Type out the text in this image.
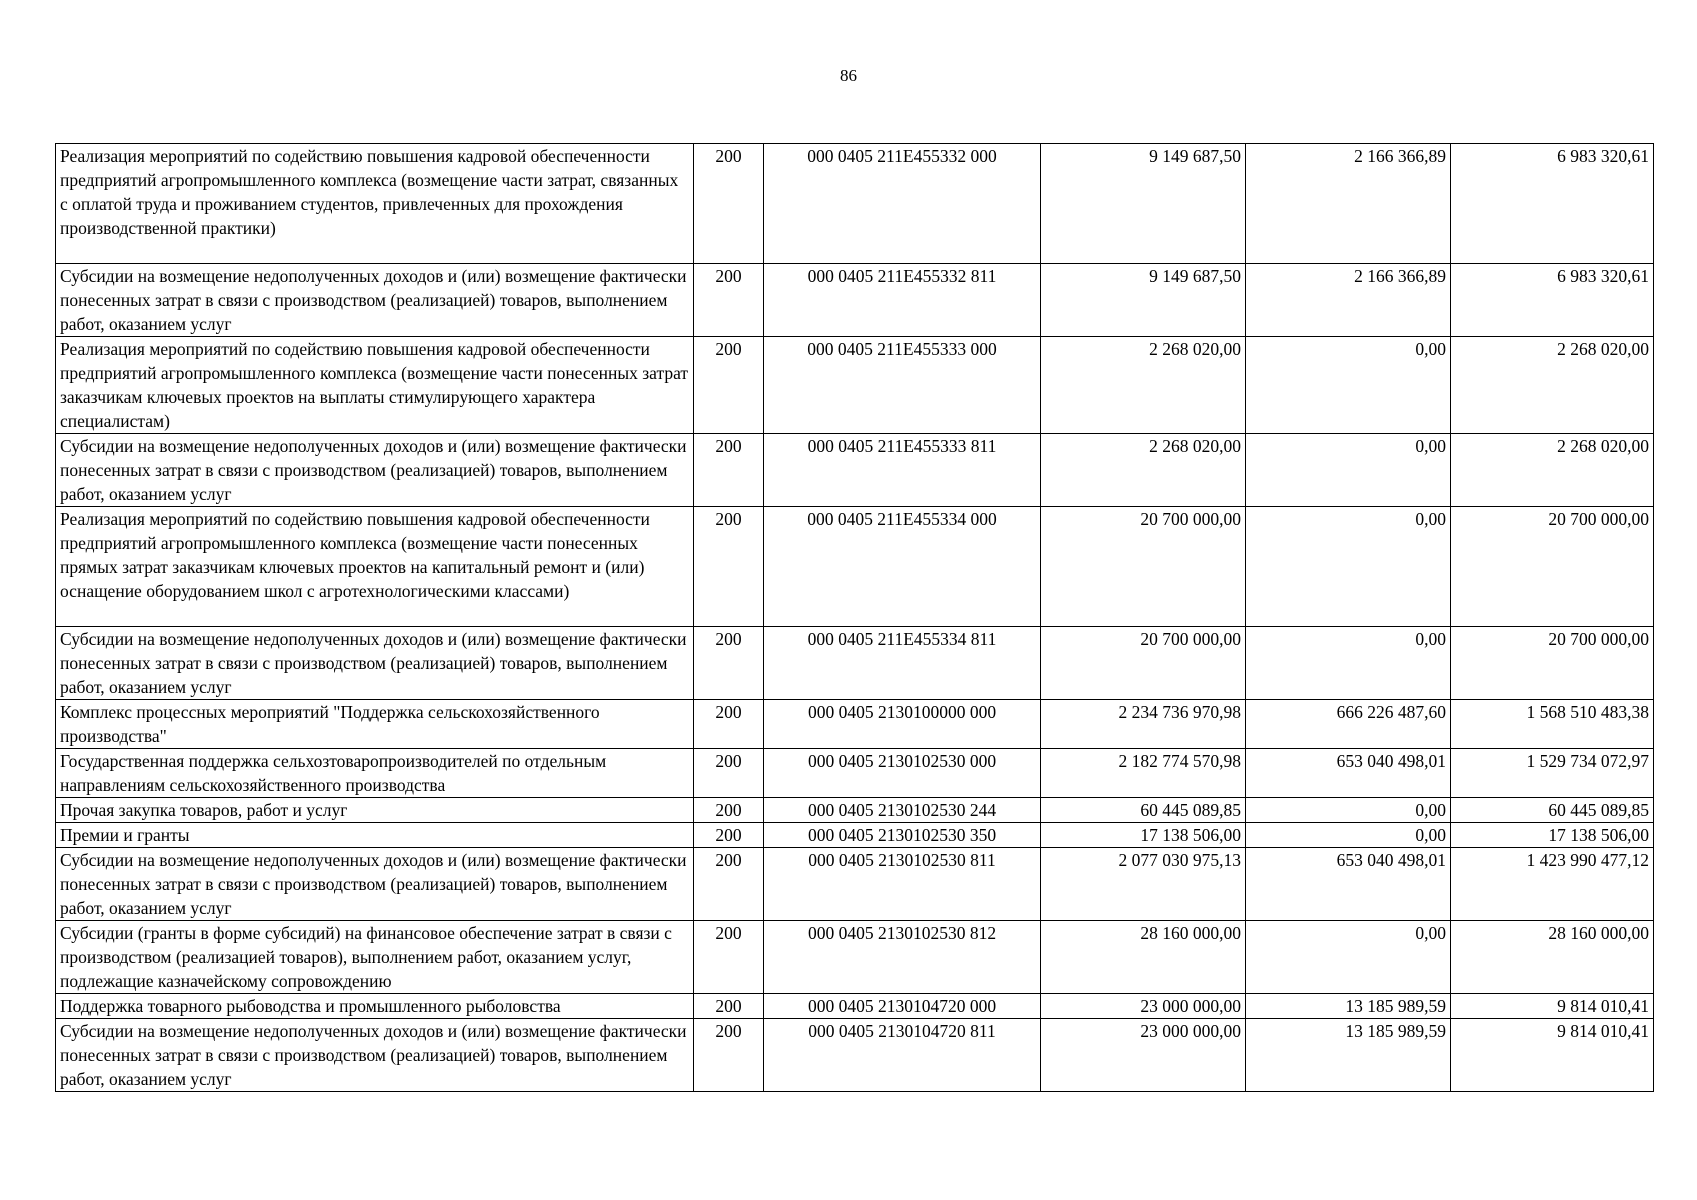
86
Реализация мероприятий по содействию повышения кадровой обеспеченности предприятий агропромышленного комплекса (возмещение части затрат, связанных с оплатой труда и проживанием студентов, привлеченных для прохождения производственной практики)	200	000 0405 211Е455332 000	9 149 687,50	2 166 366,89	6 983 320,61
Субсидии на возмещение недополученных доходов и (или) возмещение фактически понесенных затрат в связи с производством (реализацией) товаров, выполнением работ, оказанием услуг	200	000 0405 211Е455332 811	9 149 687,50	2 166 366,89	6 983 320,61
Реализация мероприятий по содействию повышения кадровой обеспеченности предприятий агропромышленного комплекса (возмещение части понесенных затрат заказчикам ключевых проектов на выплаты стимулирующего характера специалистам)	200	000 0405 211Е455333 000	2 268 020,00	0,00	2 268 020,00
Субсидии на возмещение недополученных доходов и (или) возмещение фактически понесенных затрат в связи с производством (реализацией) товаров, выполнением работ, оказанием услуг	200	000 0405 211Е455333 811	2 268 020,00	0,00	2 268 020,00
Реализация мероприятий по содействию повышения кадровой обеспеченности предприятий агропромышленного комплекса (возмещение части понесенных прямых затрат заказчикам ключевых проектов на капитальный ремонт и (или) оснащение оборудованием школ с агротехнологическими классами)	200	000 0405 211Е455334 000	20 700 000,00	0,00	20 700 000,00
Субсидии на возмещение недополученных доходов и (или) возмещение фактически понесенных затрат в связи с производством (реализацией) товаров, выполнением работ, оказанием услуг	200	000 0405 211Е455334 811	20 700 000,00	0,00	20 700 000,00
Комплекс процессных мероприятий "Поддержка сельскохозяйственного производства"	200	000 0405 2130100000 000	2 234 736 970,98	666 226 487,60	1 568 510 483,38
Государственная поддержка сельхозтоваропроизводителей по отдельным направлениям сельскохозяйственного производства	200	000 0405 2130102530 000	2 182 774 570,98	653 040 498,01	1 529 734 072,97
Прочая закупка товаров, работ и услуг	200	000 0405 2130102530 244	60 445 089,85	0,00	60 445 089,85
Премии и гранты	200	000 0405 2130102530 350	17 138 506,00	0,00	17 138 506,00
Субсидии на возмещение недополученных доходов и (или) возмещение фактически понесенных затрат в связи с производством (реализацией) товаров, выполнением работ, оказанием услуг	200	000 0405 2130102530 811	2 077 030 975,13	653 040 498,01	1 423 990 477,12
Субсидии (гранты в форме субсидий) на финансовое обеспечение затрат в связи с производством (реализацией товаров), выполнением работ, оказанием услуг, подлежащие казначейскому сопровождению	200	000 0405 2130102530 812	28 160 000,00	0,00	28 160 000,00
Поддержка товарного рыбоводства и промышленного рыболовства	200	000 0405 2130104720 000	23 000 000,00	13 185 989,59	9 814 010,41
Субсидии на возмещение недополученных доходов и (или) возмещение фактически понесенных затрат в связи с производством (реализацией) товаров, выполнением работ, оказанием услуг	200	000 0405 2130104720 811	23 000 000,00	13 185 989,59	9 814 010,41
